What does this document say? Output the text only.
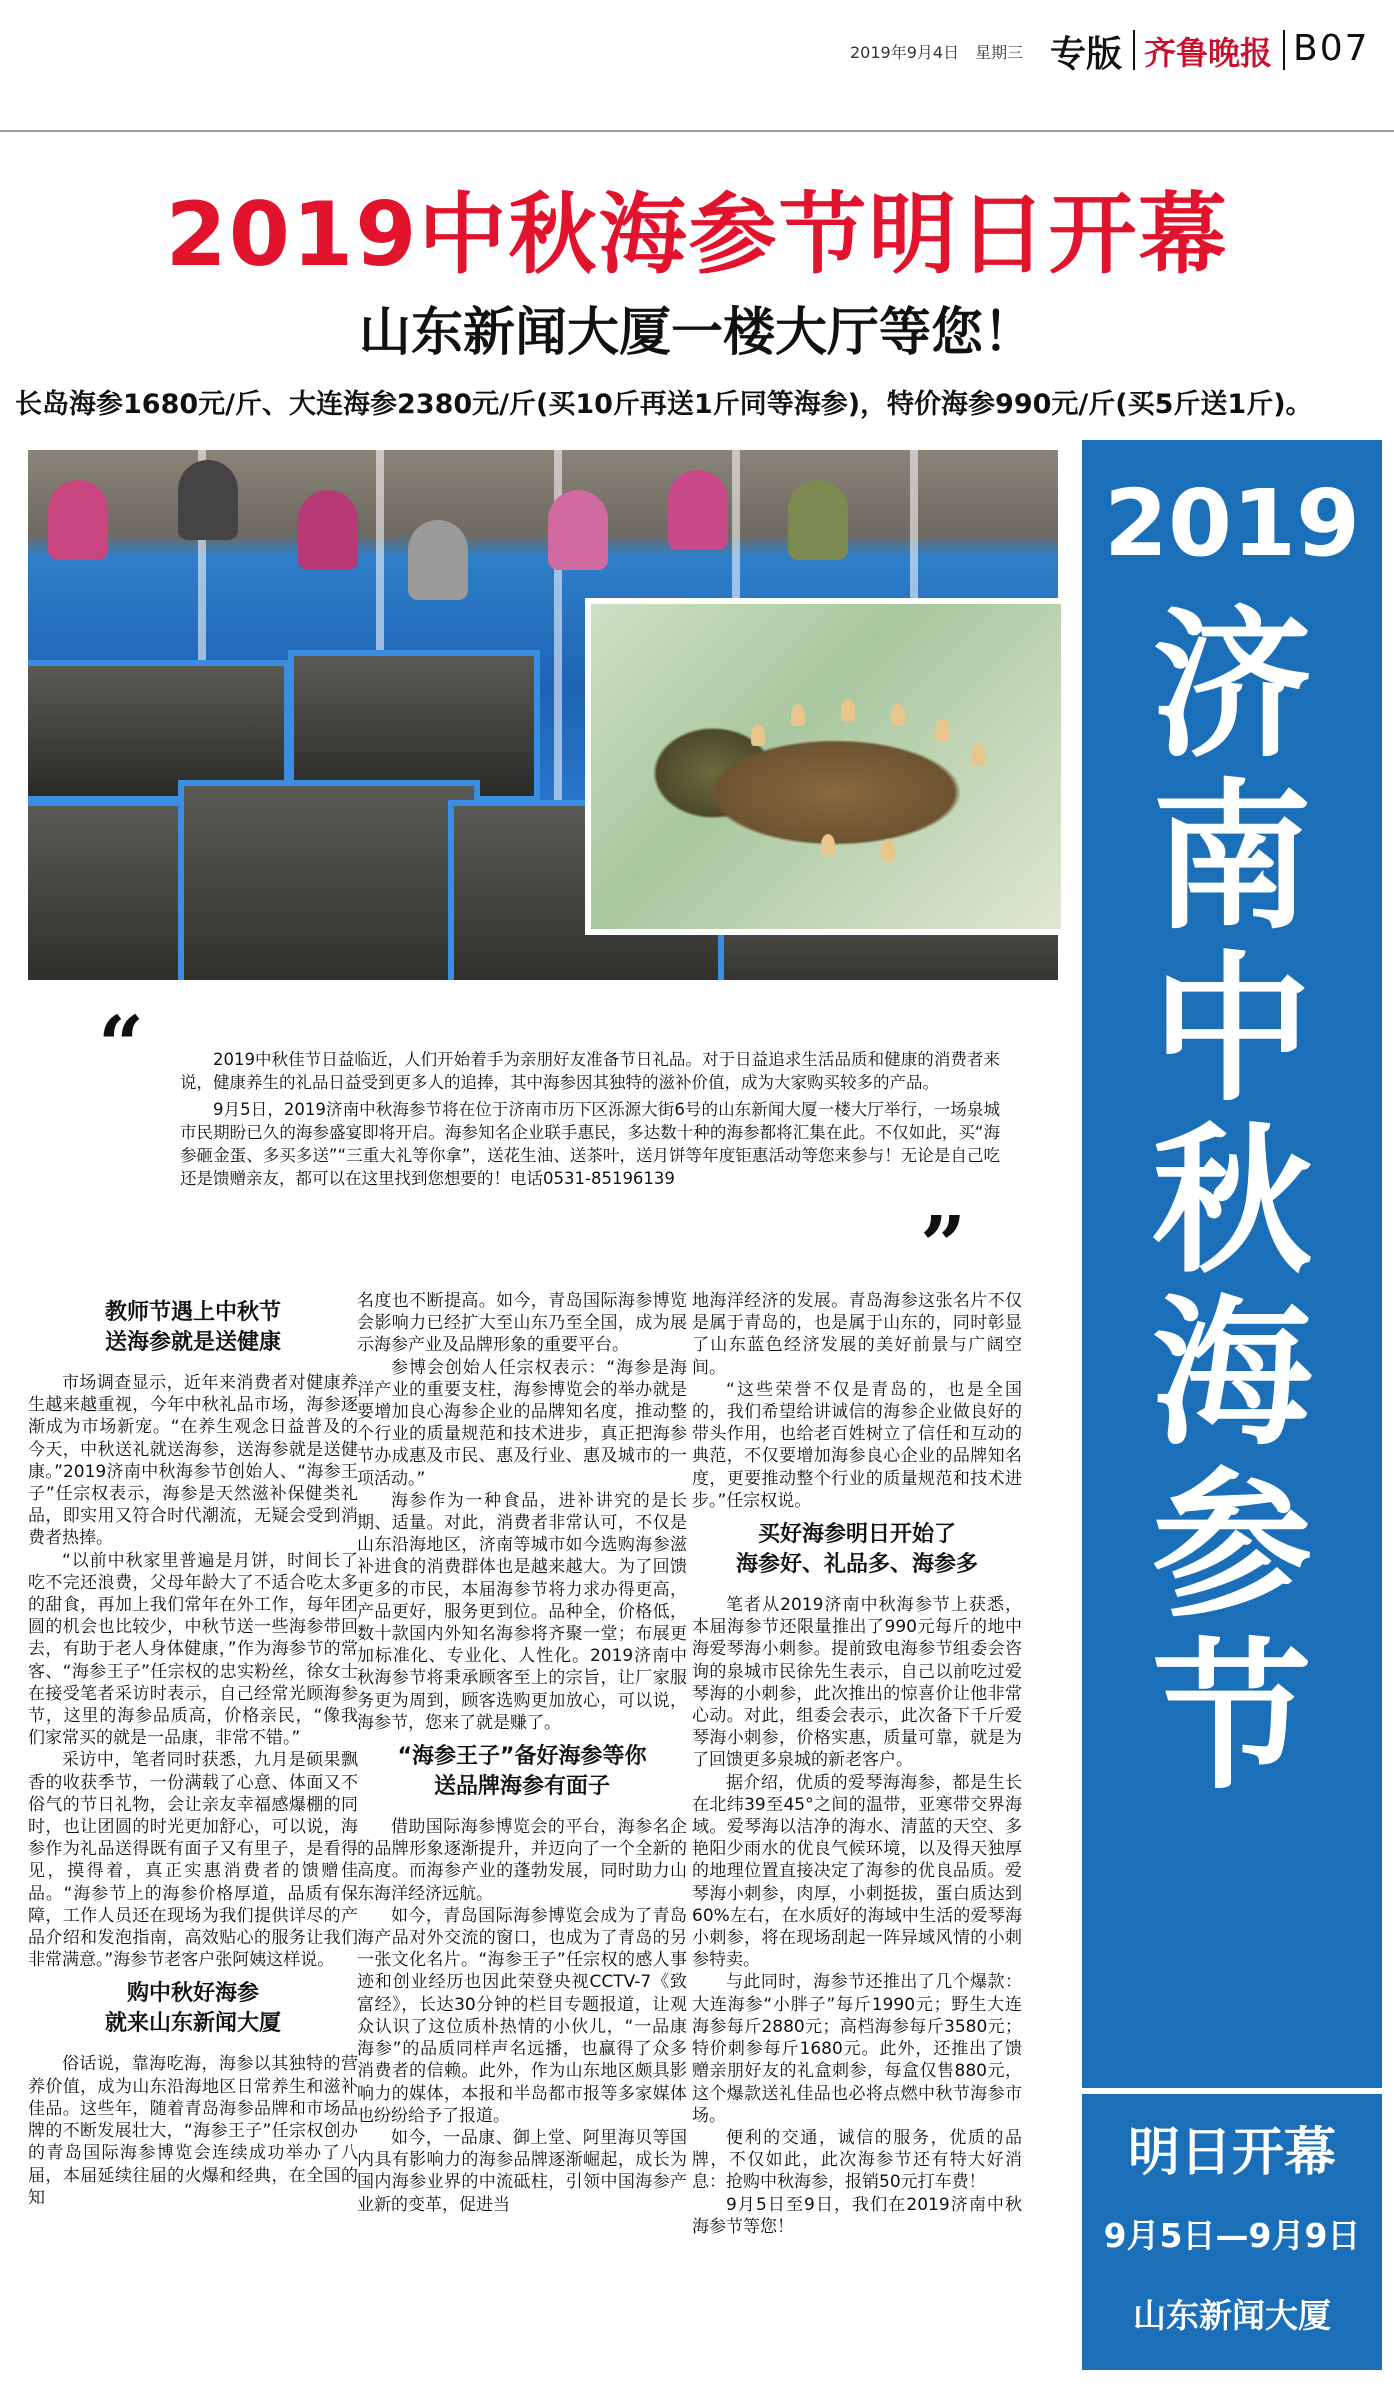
2019年9月4日　星期三 专版 齐鲁晚报 B07
2019中秋海参节明日开幕
山东新闻大厦一楼大厅等您！
长岛海参1680元/斤、大连海参2380元/斤(买10斤再送1斤同等海参)，特价海参990元/斤(买5斤送1斤)。
“	2019中秋佳节日益临近，人们开始着手为亲朋好友准备节日礼品。对于日益追求生活品质和健康的消费者来说，健康养生的礼品日益受到更多人的追捧，其中海参因其独特的滋补价值，成为大家购买较多的产品。

9月5日，2019济南中秋海参节将在位于济南市历下区泺源大街6号的山东新闻大厦一楼大厅举行，一场泉城市民期盼已久的海参盛宴即将开启。海参知名企业联手惠民，多达数十种的海参都将汇集在此。不仅如此，买“海参砸金蛋、多买多送”“三重大礼等你拿”，送花生油、送茶叶，送月饼等年度钜惠活动等您来参与！无论是自己吃还是馈赠亲友，都可以在这里找到您想要的！电话0531-85196139

”
教师节遇上中秋节
送海参就是送健康

市场调查显示，近年来消费者对健康养生越来越重视，今年中秋礼品市场，海参逐渐成为市场新宠。“在养生观念日益普及的今天，中秋送礼就送海参，送海参就是送健康。”2019济南中秋海参节创始人、“海参王子”任宗权表示，海参是天然滋补保健类礼品，即实用又符合时代潮流，无疑会受到消费者热捧。

“以前中秋家里普遍是月饼，时间长了吃不完还浪费，父母年龄大了不适合吃太多的甜食，再加上我们常年在外工作，每年团圆的机会也比较少，中秋节送一些海参带回去，有助于老人身体健康，”作为海参节的常客、“海参王子”任宗权的忠实粉丝，徐女士在接受笔者采访时表示，自己经常光顾海参节，这里的海参品质高，价格亲民，“像我们家常买的就是一品康，非常不错。”

采访中，笔者同时获悉，九月是硕果飘香的收获季节，一份满载了心意、体面又不俗气的节日礼物，会让亲友幸福感爆棚的同时，也让团圆的时光更加舒心，可以说，海参作为礼品送得既有面子又有里子，是看得见，摸得着，真正实惠消费者的馈赠佳品。“海参节上的海参价格厚道，品质有保障，工作人员还在现场为我们提供详尽的产品介绍和发泡指南，高效贴心的服务让我们非常满意。”海参节老客户张阿姨这样说。

购中秋好海参
就来山东新闻大厦

俗话说，靠海吃海，海参以其独特的营养价值，成为山东沿海地区日常养生和滋补佳品。这些年，随着青岛海参品牌和市场品牌的不断发展壮大，“海参王子”任宗权创办的青岛国际海参博览会连续成功举办了八届，本届延续往届的火爆和经典，在全国的知

名度也不断提高。如今，青岛国际海参博览会影响力已经扩大至山东乃至全国，成为展示海参产业及品牌形象的重要平台。

参博会创始人任宗权表示：“海参是海洋产业的重要支柱，海参博览会的举办就是要增加良心海参企业的品牌知名度，推动整个行业的质量规范和技术进步，真正把海参节办成惠及市民、惠及行业、惠及城市的一项活动。”

海参作为一种食品，进补讲究的是长期、适量。对此，消费者非常认可，不仅是山东沿海地区，济南等城市如今选购海参滋补进食的消费群体也是越来越大。为了回馈更多的市民，本届海参节将力求办得更高，产品更好，服务更到位。品种全，价格低，数十款国内外知名海参将齐聚一堂；布展更加标准化、专业化、人性化。2019济南中秋海参节将秉承顾客至上的宗旨，让厂家服务更为周到，顾客选购更加放心，可以说，海参节，您来了就是赚了。

“海参王子”备好海参等你
送品牌海参有面子

借助国际海参博览会的平台，海参名企的品牌形象逐渐提升，并迈向了一个全新的高度。而海参产业的蓬勃发展，同时助力山东海洋经济远航。

如今，青岛国际海参博览会成为了青岛海产品对外交流的窗口，也成为了青岛的另一张文化名片。“海参王子”任宗权的感人事迹和创业经历也因此荣登央视CCTV-7《致富经》，长达30分钟的栏目专题报道，让观众认识了这位质朴热情的小伙儿，“一品康海参”的品质同样声名远播，也赢得了众多消费者的信赖。此外，作为山东地区颇具影响力的媒体，本报和半岛都市报等多家媒体也纷纷给予了报道。

如今，一品康、御上堂、阿里海贝等国内具有影响力的海参品牌逐渐崛起，成长为国内海参业界的中流砥柱，引领中国海参产业新的变革，促进当

地海洋经济的发展。青岛海参这张名片不仅是属于青岛的，也是属于山东的，同时彰显了山东蓝色经济发展的美好前景与广阔空间。

“这些荣誉不仅是青岛的，也是全国的，我们希望给讲诚信的海参企业做良好的带头作用，也给老百姓树立了信任和互动的典范，不仅要增加海参良心企业的品牌知名度，更要推动整个行业的质量规范和技术进步。”任宗权说。

买好海参明日开始了
海参好、礼品多、海参多

笔者从2019济南中秋海参节上获悉，本届海参节还限量推出了990元每斤的地中海爱琴海小刺参。提前致电海参节组委会咨询的泉城市民徐先生表示，自己以前吃过爱琴海的小刺参，此次推出的惊喜价让他非常心动。对此，组委会表示，此次备下千斤爱琴海小刺参，价格实惠，质量可靠，就是为了回馈更多泉城的新老客户。

据介绍，优质的爱琴海海参，都是生长在北纬39至45°之间的温带，亚寒带交界海域。爱琴海以洁净的海水、清蓝的天空、多艳阳少雨水的优良气候环境，以及得天独厚的地理位置直接决定了海参的优良品质。爱琴海小刺参，肉厚，小刺挺拔，蛋白质达到60%左右，在水质好的海域中生活的爱琴海小刺参，将在现场刮起一阵异域风情的小刺参特卖。

与此同时，海参节还推出了几个爆款：大连海参“小胖子”每斤1990元；野生大连海参每斤2880元；高档海参每斤3580元；特价刺参每斤1680元。此外，还推出了馈赠亲朋好友的礼盒刺参，每盒仅售880元，这个爆款送礼佳品也必将点燃中秋节海参市场。

便利的交通，诚信的服务，优质的品牌，不仅如此，此次海参节还有特大好消息：抢购中秋海参，报销50元打车费！

9月5日至9日，我们在2019济南中秋海参节等您！

2019
济
南
中
秋
海
参
节
明日开幕
9月5日—9月9日
山东新闻大厦
